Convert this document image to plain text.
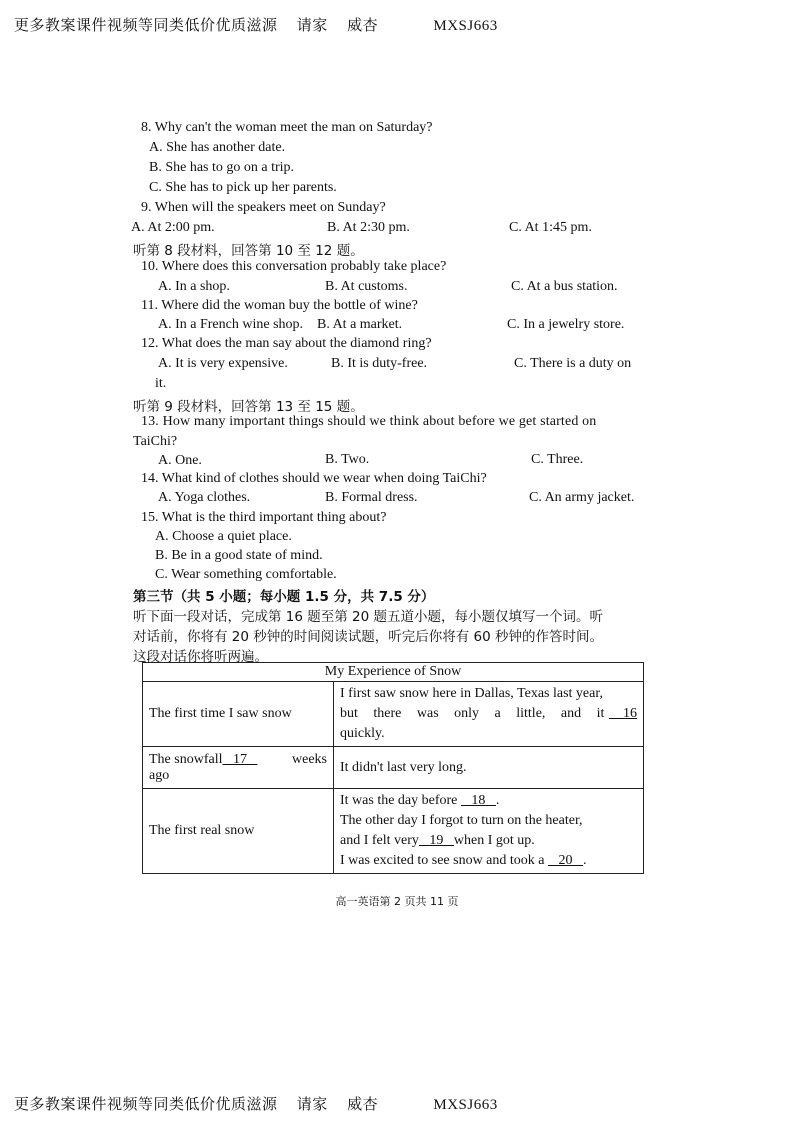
更多教案课件视频等同类低价优质滋源 请家 威杏	MXSJ663
8. Why can't the woman meet the man on Saturday?
A. She has another date.
B. She has to go on a trip.
C. She has to pick up her parents.
9. When will the speakers meet on Sunday?
A. At 2:00 pm.	B. At 2:30 pm.	C. At 1:45 pm.
听第 8 段材料，回答第 10 至 12 题。
10. Where does this conversation probably take place?
A. In a shop.	B. At customs.	C. At a bus station.
11. Where did the woman buy the bottle of wine?
A. In a French wine shop. B. At a market.	C. In a jewelry store.
12. What does the man say about the diamond ring?
A. It is very expensive.	B. It is duty-free.	C. There is a duty on
it.
听第 9 段材料，回答第 13 至 15 题。
13. How many important things should we think about before we get started on
TaiChi?
A. One.	B. Two.	C. Three.
14. What kind of clothes should we wear when doing TaiChi?
A. Yoga clothes.	B. Formal dress.	C. An army jacket.
15. What is the third important thing about?
A. Choose a quiet place.
B. Be in a good state of mind.
C. Wear something comfortable.
第三节（共 5 小题；每小题 1.5 分，共 7.5 分）
听下面一段对话，完成第 16 题至第 20 题五道小题，每小题仅填写一个词。听
对话前，你将有 20 秒钟的时间阅读试题，听完后你将有 60 秒钟的作答时间。
这段对话你将听两遍。
My Experience of Snow	
The first time I saw snow	I first saw snow here in Dallas, Texas last year,
but there was only a little, and it 16
quickly.

The snowfall 17 weeks
ago	It didn't last very long.
The first real snow	It was the day before 18 .
The other day I forgot to turn on the heater,
and I felt very 19 when I got up.
I was excited to see snow and took a 20 .
高一英语第 2 页共 11 页
更多教案课件视频等同类低价优质滋源 请家 威杏	MXSJ663
